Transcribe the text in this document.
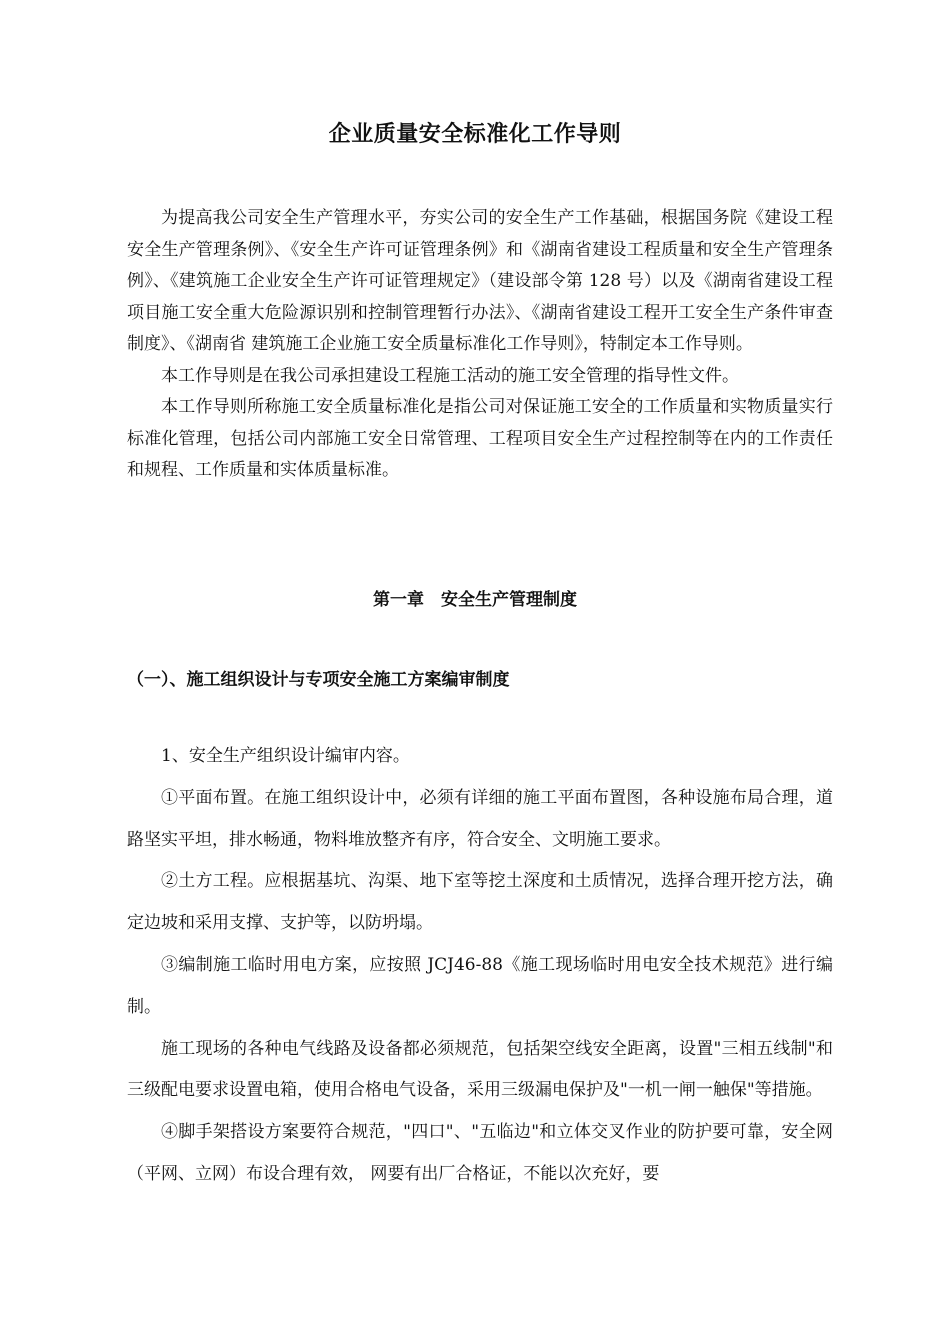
企业质量安全标准化工作导则

为提高我公司安全生产管理水平，夯实公司的安全生产工作基础，根据国务院《建设工程安全生产管理条例》、《安全生产许可证管理条例》和《湖南省建设工程质量和安全生产管理条例》、《建筑施工企业安全生产许可证管理规定》（建设部令第 128 号）以及《湖南省建设工程项目施工安全重大危险源识别和控制管理暂行办法》、《湖南省建设工程开工安全生产条件审查制度》、《湖南省 建筑施工企业施工安全质量标准化工作导则》，特制定本工作导则。

本工作导则是在我公司承担建设工程施工活动的施工安全管理的指导性文件。

本工作导则所称施工安全质量标准化是指公司对保证施工安全的工作质量和实物质量实行标准化管理，包括公司内部施工安全日常管理、工程项目安全生产过程控制等在内的工作责任和规程、工作质量和实体质量标准。

第一章　安全生产管理制度
（一）、施工组织设计与专项安全施工方案编审制度

1、安全生产组织设计编审内容。

①平面布置。在施工组织设计中，必须有详细的施工平面布置图，各种设施布局合理，道路坚实平坦，排水畅通，物料堆放整齐有序，符合安全、文明施工要求。

②土方工程。应根据基坑、沟渠、地下室等挖土深度和土质情况，选择合理开挖方法，确定边坡和采用支撑、支护等，以防坍塌。

③编制施工临时用电方案，应按照 JCJ46-88《施工现场临时用电安全技术规范》进行编制。

施工现场的各种电气线路及设备都必须规范，包括架空线安全距离，设置"三相五线制"和三级配电要求设置电箱，使用合格电气设备，采用三级漏电保护及"一机一闸一触保"等措施。

④脚手架搭设方案要符合规范，"四口"、"五临边"和立体交叉作业的防护要可靠，安全网（平网、立网）布设合理有效， 网要有出厂合格证，不能以次充好，要
